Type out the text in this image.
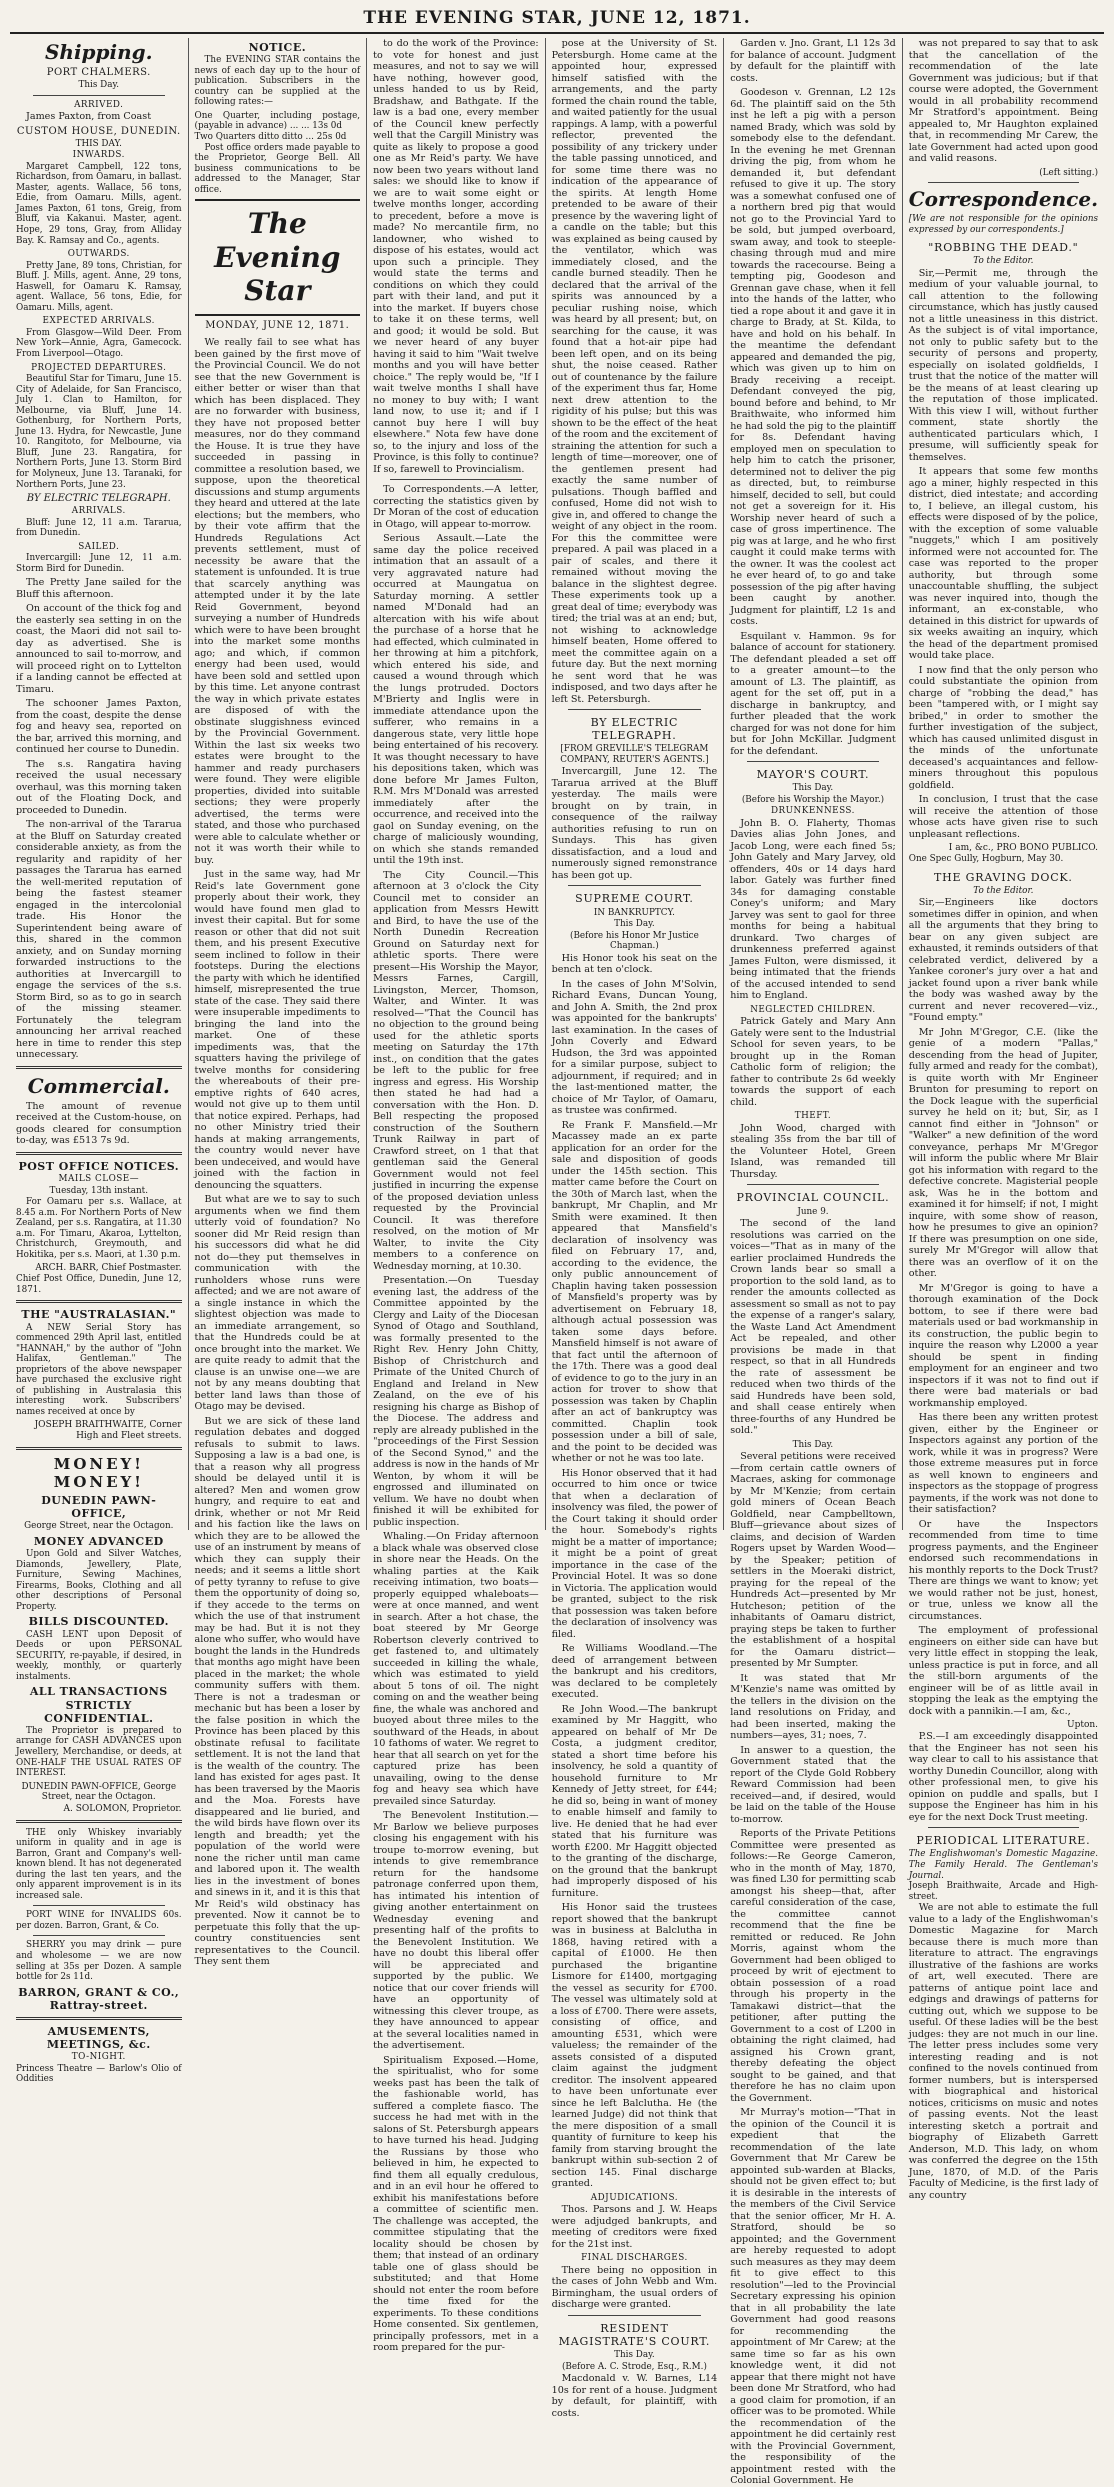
THE EVENING STAR, JUNE 12, 1871.
Shipping.
PORT CHALMERS.
This Day.
ARRIVED.

James Paxton, from Coast

CUSTOM HOUSE, DUNEDIN.
THIS DAY.
INWARDS.

Margaret Campbell, 122 tons, Richardson, from Oamaru, in ballast. Master, agents. Wallace, 56 tons, Edie, from Oamaru. Mills, agent. James Paxton, 61 tons, Greig, from Bluff, via Kakanui. Master, agent. Hope, 29 tons, Gray, from Alliday Bay. K. Ramsay and Co., agents.

OUTWARDS.

Pretty Jane, 89 tons, Christian, for Bluff. J. Mills, agent. Anne, 29 tons, Haswell, for Oamaru K. Ramsay, agent. Wallace, 56 tons, Edie, for Oamaru. Mills, agent.

EXPECTED ARRIVALS.

From Glasgow—Wild Deer. From New York—Annie, Agra, Gamecock. From Liverpool—Otago.

PROJECTED DEPARTURES.

Beautiful Star for Timaru, June 15. City of Adelaide, for San Francisco, July 1. Clan to Hamilton, for Melbourne, via Bluff, June 14. Gothenburg, for Northern Ports, June 13. Hydra, for Newcastle, June 10. Rangitoto, for Melbourne, via Bluff, June 23. Rangatira, for Northern Ports, June 13. Storm Bird for Molyneux, June 13. Taranaki, for Northern Ports, June 23.

BY ELECTRIC TELEGRAPH.
ARRIVALS.

Bluff: June 12, 11 a.m. Tararua, from Dunedin.

SAILED.

Invercargill: June 12, 11 a.m. Storm Bird for Dunedin.

The Pretty Jane sailed for the Bluff this afternoon.

On account of the thick fog and the easterly sea setting in on the coast, the Maori did not sail to-day as advertised. She is announced to sail to-morrow, and will proceed right on to Lyttelton if a landing cannot be effected at Timaru.

The schooner James Paxton, from the coast, despite the dense fog and heavy sea, reported on the bar, arrived this morning, and continued her course to Dunedin.

The s.s. Rangatira having received the usual necessary overhaul, was this morning taken out of the Floating Dock, and proceeded to Dunedin.

The non-arrival of the Tararua at the Bluff on Saturday created considerable anxiety, as from the regularity and rapidity of her passages the Tararua has earned the well-merited reputation of being the fastest steamer engaged in the intercolonial trade. His Honor the Superintendent being aware of this, shared in the common anxiety, and on Sunday morning forwarded instructions to the authorities at Invercargill to engage the services of the s.s. Storm Bird, so as to go in search of the missing steamer. Fortunately the telegram announcing her arrival reached here in time to render this step unnecessary.

Commercial.

The amount of revenue received at the Custom-house, on goods cleared for consumption to-day, was £513 7s 9d.

POST OFFICE NOTICES.
MAILS CLOSE—
Tuesday, 13th instant.

For Oamaru per s.s. Wallace, at 8.45 a.m. For Northern Ports of New Zealand, per s.s. Rangatira, at 11.30 a.m. For Timaru, Akaroa, Lyttelton, Christchurch, Greymouth, and Hokitika, per s.s. Maori, at 1.30 p.m.

ARCH. BARR, Chief Postmaster.
Chief Post Office, Dunedin, June 12, 1871.
THE "AUSTRALASIAN."

A NEW Serial Story has commenced 29th April last, entitled "HANNAH," by the author of "John Halifax, Gentleman." The proprietors of the above newspaper have purchased the exclusive right of publishing in Australasia this interesting work. Subscribers' names received at once by

JOSEPH BRAITHWAITE, Corner High and Fleet streets.
MONEY! MONEY!
DUNEDIN PAWN-OFFICE,
George Street, near the Octagon.
MONEY ADVANCED

Upon Gold and Silver Watches, Diamonds, Jewellery, Plate, Furniture, Sewing Machines, Firearms, Books, Clothing and all other descriptions of Personal Property.

BILLS DISCOUNTED.

CASH LENT upon Deposit of Deeds or upon PERSONAL SECURITY, re-payable, if desired, in weekly, monthly, or quarterly instalments.

ALL TRANSACTIONS STRICTLY CONFIDENTIAL.

The Proprietor is prepared to arrange for CASH ADVANCES upon Jewellery, Merchandise, or deeds, at ONE-HALF THE USUAL RATES OF INTEREST.

DUNEDIN PAWN-OFFICE, George Street, near the Octagon.
A. SOLOMON, Proprietor.

THE only Whiskey invariably uniform in quality and in age is Barron, Grant and Company's well-known blend. It has not degenerated during the last ten years, and the only apparent improvement is in its increased sale.

PORT WINE for INVALIDS 60s. per dozen. Barron, Grant, & Co.

SHERRY you may drink — pure and wholesome — we are now selling at 35s per Dozen. A sample bottle for 2s 11d.

BARRON, GRANT & CO., Rattray-street.
AMUSEMENTS, MEETINGS, &c.
TO-NIGHT.
Princess Theatre — Barlow's Olio of Oddities
NOTICE.

The EVENING STAR contains the news of each day up to the hour of publication. Subscribers in the country can be supplied at the following rates:—

One Quarter, including postage, (payable in advance) ... ... 13s 0d
Two Quarters ditto ditto ... 25s 0d

Post office orders made payable to the Proprietor, George Bell. All business communications to be addressed to the Manager, Star office.

The Evening Star
MONDAY, JUNE 12, 1871.

We really fail to see what has been gained by the first move of the Provincial Council. We do not see that the new Government is either better or wiser than that which has been displaced. They are no forwarder with business, they have not proposed better measures, nor do they command the House. It is true they have succeeded in passing in committee a resolution based, we suppose, upon the theoretical discussions and stump arguments they heard and uttered at the late elections; but the members, who by their vote affirm that the Hundreds Regulations Act prevents settlement, must of necessity be aware that the statement is unfounded. It is true that scarcely anything was attempted under it by the late Reid Government, beyond surveying a number of Hundreds which were to have been brought into the market some months ago; and which, if common energy had been used, would have been sold and settled upon by this time. Let anyone contrast the way in which private estates are disposed of with the obstinate sluggishness evinced by the Provincial Government. Within the last six weeks two estates were brought to the hammer and ready purchasers were found. They were eligible properties, divided into suitable sections; they were properly advertised, the terms were stated, and those who purchased were able to calculate whether or not it was worth their while to buy.

Just in the same way, had Mr Reid's late Government gone properly about their work, they would have found men glad to invest their capital. But for some reason or other that did not suit them, and his present Executive seem inclined to follow in their footsteps. During the elections the party with which he identified himself, misrepresented the true state of the case. They said there were insuperable impediments to bringing the land into the market. One of these impediments was, that the squatters having the privilege of twelve months for considering the whereabouts of their pre-emptive rights of 640 acres, would not give up to them until that notice expired. Perhaps, had no other Ministry tried their hands at making arrangements, the country would never have been undeceived, and would have joined with the faction in denouncing the squatters.

But what are we to say to such arguments when we find them utterly void of foundation? No sooner did Mr Reid resign than his successors did what he did not do—they put themselves in communication with the runholders whose runs were affected; and we are not aware of a single instance in which the slightest objection was made to an immediate arrangement, so that the Hundreds could be at once brought into the market. We are quite ready to admit that the clause is an unwise one—we are not by any means doubting that better land laws than those of Otago may be devised.

But we are sick of these land regulation debates and dogged refusals to submit to laws. Supposing a law is a bad one, is that a reason why all progress should be delayed until it is altered? Men and women grow hungry, and require to eat and drink, whether or not Mr Reid and his faction like the laws on which they are to be allowed the use of an instrument by means of which they can supply their needs; and it seems a little short of petty tyranny to refuse to give them the opportunity of doing so, if they accede to the terms on which the use of that instrument may be had. But it is not they alone who suffer, who would have bought the lands in the Hundreds that months ago might have been placed in the market; the whole community suffers with them. There is not a tradesman or mechanic but has been a loser by the false position in which the Province has been placed by this obstinate refusal to facilitate settlement. It is not the land that is the wealth of the country. The land has existed for ages past. It has been traversed by the Maoris and the Moa. Forests have disappeared and lie buried, and the wild birds have flown over its length and breadth; yet the population of the world were none the richer until man came and labored upon it. The wealth lies in the investment of bones and sinews in it, and it is this that Mr Reid's wild obstinacy has prevented. Now it cannot be to perpetuate this folly that the up-country constituencies sent representatives to the Council. They sent them

to do the work of the Province: to vote for honest and just measures, and not to say we will have nothing, however good, unless handed to us by Reid, Bradshaw, and Bathgate. If the law is a bad one, every member of the Council knew perfectly well that the Cargill Ministry was quite as likely to propose a good one as Mr Reid's party. We have now been two years without land sales: we should like to know if we are to wait some eight or twelve months longer, according to precedent, before a move is made? No mercantile firm, no landowner, who wished to dispose of his estates, would act upon such a principle. They would state the terms and conditions on which they could part with their land, and put it into the market. If buyers chose to take it on these terms, well and good; it would be sold. But we never heard of any buyer having it said to him "Wait twelve months and you will have better choice." The reply would be, "If I wait twelve months I shall have no money to buy with; I want land now, to use it; and if I cannot buy here I will buy elsewhere." Nota few have done so, to the injury and loss of the Province, is this folly to continue? If so, farewell to Provincialism.

To Correspondents.—A letter, correcting the statistics given by Dr Moran of the cost of education in Otago, will appear to-morrow.

Serious Assault.—Late the same day the police received intimation that an assault of a very aggravated nature had occurred at Maungatua on Saturday morning. A settler named M'Donald had an altercation with his wife about the purchase of a horse that he had effected, which culminated in her throwing at him a pitchfork, which entered his side, and caused a wound through which the lungs protruded. Doctors M'Brierty and Inglis were in immediate attendance upon the sufferer, who remains in a dangerous state, very little hope being entertained of his recovery. It was thought necessary to have his depositions taken, which was done before Mr James Fulton, R.M. Mrs M'Donald was arrested immediately after the occurrence, and received into the gaol on Sunday evening, on the charge of maliciously wounding, on which she stands remanded until the 19th inst.

The City Council.—This afternoon at 3 o'clock the City Council met to consider an application from Messrs Hewitt and Bird, to have the use of the North Dunedin Recreation Ground on Saturday next for athletic sports. There were present—His Worship the Mayor, Messrs Farnes, Cargill, Livingston, Mercer, Thomson, Walter, and Winter. It was resolved—"That the Council has no objection to the ground being used for the athletic sports meeting on Saturday the 17th inst., on condition that the gates be left to the public for free ingress and egress. His Worship then stated he had had a conversation with the Hon. D. Bell respecting the proposed construction of the Southern Trunk Railway in part of Crawford street, on 1 that that gentleman said the General Government would not feel justified in incurring the expense of the proposed deviation unless requested by the Provincial Council. It was therefore resolved, on the motion of Mr Walter, to invite the City members to a conference on Wednesday morning, at 10.30.

Presentation.—On Tuesday evening last, the address of the Committee appointed by the Clergy and Laity of the Diocesan Synod of Otago and Southland, was formally presented to the Right Rev. Henry John Chitty, Bishop of Christchurch and Primate of the United Church of England and Ireland in New Zealand, on the eve of his resigning his charge as Bishop of the Diocese. The address and reply are already published in the "proceedings of the First Session of the Second Synod," and the address is now in the hands of Mr Wenton, by whom it will be engrossed and illuminated on vellum. We have no doubt when finished it will be exhibited for public inspection.

Whaling.—On Friday afternoon a black whale was observed close in shore near the Heads. On the whaling parties at the Kaik receiving intimation, two boats—properly equipped whaleboats—were at once manned, and went in search. After a hot chase, the boat steered by Mr George Robertson cleverly contrived to get fastened to, and ultimately succeeded in killing the whale, which was estimated to yield about 5 tons of oil. The night coming on and the weather being fine, the whale was anchored and buoyed about three miles to the southward of the Heads, in about 10 fathoms of water. We regret to hear that all search on yet for the captured prize has been unavailing, owing to the dense fog and heavy sea which have prevailed since Saturday.

The Benevolent Institution.—Mr Barlow we believe purposes closing his engagement with his troupe to-morrow evening, but intends to give remembrance return for the handsome patronage conferred upon them, has intimated his intention of giving another entertainment on Wednesday evening and presenting half of the profits to the Benevolent Institution. We have no doubt this liberal offer will be appreciated and supported by the public. We notice that our cover friends will have an opportunity of witnessing this clever troupe, as they have announced to appear at the several localities named in the advertisement.

Spiritualism Exposed.—Home, the spiritualist, who for some weeks past has been the talk of the fashionable world, has suffered a complete fiasco. The success he had met with in the salons of St. Petersburgh appears to have turned his head. Judging the Russians by those who believed in him, he expected to find them all equally credulous, and in an evil hour he offered to exhibit his manifestations before a committee of scientific men. The challenge was accepted, the committee stipulating that the locality should be chosen by them; that instead of an ordinary table one of glass should be substituted; and that Home should not enter the room before the time fixed for the experiments. To these conditions Home consented. Six gentlemen, principally professors, met in a room prepared for the pur-

pose at the University of St. Petersburgh. Home came at the appointed hour, expressed himself satisfied with the arrangements, and the party formed the chain round the table, and waited patiently for the usual rappings. A lamp, with a powerful reflector, prevented the possibility of any trickery under the table passing unnoticed, and for some time there was no indication of the appearance of the spirits. At length Home pretended to be aware of their presence by the wavering light of a candle on the table; but this was explained as being caused by the ventilator, which was immediately closed, and the candle burned steadily. Then he declared that the arrival of the spirits was announced by a peculiar rushing noise, which was heard by all present; but, on searching for the cause, it was found that a hot-air pipe had been left open, and on its being shut, the noise ceased. Rather out of countenance by the failure of the experiment thus far, Home next drew attention to the rigidity of his pulse; but this was shown to be the effect of the heat of the room and the excitement of straining the attention for such a length of time—moreover, one of the gentlemen present had exactly the same number of pulsations. Though baffled and confused, Home did not wish to give in, and offered to change the weight of any object in the room. For this the committee were prepared. A pail was placed in a pair of scales, and there it remained without moving the balance in the slightest degree. These experiments took up a great deal of time; everybody was tired; the trial was at an end; but, not wishing to acknowledge himself beaten, Home offered to meet the committee again on a future day. But the next morning he sent word that he was indisposed, and two days after he left St. Petersburgh.

BY ELECTRIC TELEGRAPH.
[FROM GREVILLE'S TELEGRAM COMPANY, REUTER'S AGENTS.]

Invercargill, June 12. The Tararua arrived at the Bluff yesterday. The mails were brought on by train, in consequence of the railway authorities refusing to run on Sundays. This has given dissatisfaction, and a loud and numerously signed remonstrance has been got up.

SUPREME COURT.
IN BANKRUPTCY.
This Day.
(Before his Honor Mr Justice Chapman.)

His Honor took his seat on the bench at ten o'clock.

In the cases of John M'Solvin, Richard Evans, Duncan Young, and John A. Smith, the 2nd prox was appointed for the bankrupts' last examination. In the cases of John Coverly and Edward Hudson, the 3rd was appointed for a similar purpose, subject to adjournment, if required; and in the last-mentioned matter, the choice of Mr Taylor, of Oamaru, as trustee was confirmed.

Re Frank F. Mansfield.—Mr Macassey made an ex parte application for an order for the sale and disposition of goods under the 145th section. This matter came before the Court on the 30th of March last, when the bankrupt, Mr Chaplin, and Mr Smith were examined. It then appeared that Mansfield's declaration of insolvency was filed on February 17, and, according to the evidence, the only public announcement of Chaplin having taken possession of Mansfield's property was by advertisement on February 18, although actual possession was taken some days before. Mansfield himself is not aware of that fact until the afternoon of the 17th. There was a good deal of evidence to go to the jury in an action for trover to show that possession was taken by Chaplin after an act of bankruptcy was committed. Chaplin took possession under a bill of sale, and the point to be decided was whether or not he was too late.

His Honor observed that it had occurred to him once or twice that when a declaration of insolvency was filed, the power of the Court taking it should order the hour. Somebody's rights might be a matter of importance; it might be a point of great importance in the case of the Provincial Hotel. It was so done in Victoria. The application would be granted, subject to the risk that possession was taken before the declaration of insolvency was filed.

Re Williams Woodland.—The deed of arrangement between the bankrupt and his creditors, was declared to be completely executed.

Re John Wood.—The bankrupt examined by Mr Haggitt, who appeared on behalf of Mr De Costa, a judgment creditor, stated a short time before his insolvency, he sold a quantity of household furniture to Mr Kennedy of Jetty street, for £44; he did so, being in want of money to enable himself and family to live. He denied that he had ever stated that his furniture was worth £200. Mr Haggitt objected to the granting of the discharge, on the ground that the bankrupt had improperly disposed of his furniture.

His Honor said the trustees report showed that the bankrupt was in business at Balclutha in 1868, having retired with a capital of £1000. He then purchased the brigantine Lismore for £1400, mortgaging the vessel as security for £700. The vessel was ultimately sold at a loss of £700. There were assets, consisting of office, and amounting £531, which were valueless; the remainder of the assets consisted of a disputed claim against the judgment creditor. The insolvent appeared to have been unfortunate ever since he left Balclutha. He (the learned Judge) did not think that the mere disposition of a small quantity of furniture to keep his family from starving brought the bankrupt within sub-section 2 of section 145. Final discharge granted.

ADJUDICATIONS.

Thos. Parsons and J. W. Heaps were adjudged bankrupts, and meeting of creditors were fixed for the 21st inst.

FINAL DISCHARGES.

There being no opposition in the cases of John Webb and Wm. Birmingham, the usual orders of discharge were granted.

RESIDENT MAGISTRATE'S COURT.
This Day.
(Before A. C. Strode, Esq., R.M.)

Macdonald v. W. Barnes, L14 10s for rent of a house. Judgment by default, for plaintiff, with costs.

Garden v. Jno. Grant, L1 12s 3d for balance of account. Judgment by default for the plaintiff with costs.

Goodeson v. Grennan, L2 12s 6d. The plaintiff said on the 5th inst he left a pig with a person named Brady, which was sold by somebody else to the defendant. In the evening he met Grennan driving the pig, from whom he demanded it, but defendant refused to give it up. The story was a somewhat confused one of a northern bred pig that would not go to the Provincial Yard to be sold, but jumped overboard, swam away, and took to steeple-chasing through mud and mire towards the racecourse. Being a tempting pig, Goodeson and Grennan gave chase, when it fell into the hands of the latter, who tied a rope about it and gave it in charge to Brady, at St. Kilda, to have and hold on his behalf. In the meantime the defendant appeared and demanded the pig, which was given up to him on Brady receiving a receipt. Defendant conveyed the pig, bound before and behind, to Mr Braithwaite, who informed him he had sold the pig to the plaintiff for 8s. Defendant having employed men on speculation to help him to catch the prisoner, determined not to deliver the pig as directed, but, to reimburse himself, decided to sell, but could not get a sovereign for it. His Worship never heard of such a case of gross impertinence. The pig was at large, and he who first caught it could make terms with the owner. It was the coolest act he ever heard of, to go and take possession of the pig after having been caught by another. Judgment for plaintiff, L2 1s and costs.

Esquilant v. Hammon. 9s for balance of account for stationery. The defendant pleaded a set off to a greater amount—to the amount of L3. The plaintiff, as agent for the set off, put in a discharge in bankruptcy, and further pleaded that the work charged for was not done for him but for John McKillar. Judgment for the defendant.

MAYOR'S COURT.
This Day.
(Before his Worship the Mayor.)
DRUNKENNESS.

John B. O. Flaherty, Thomas Davies alias John Jones, and Jacob Long, were each fined 5s; John Gately and Mary Jarvey, old offenders, 40s or 14 days hard labor. Gately was further fined 34s for damaging constable Coney's uniform; and Mary Jarvey was sent to gaol for three months for being a habitual drunkard. Two charges of drunkenness preferred against James Fulton, were dismissed, it being intimated that the friends of the accused intended to send him to England.

NEGLECTED CHILDREN.

Patrick Gately and Mary Ann Gately were sent to the Industrial School for seven years, to be brought up in the Roman Catholic form of religion; the father to contribute 2s 6d weekly towards the support of each child.

THEFT.

John Wood, charged with stealing 35s from the bar till of the Volunteer Hotel, Green Island, was remanded till Thursday.

PROVINCIAL COUNCIL.
June 9.

The second of the land resolutions was carried on the voices—"That as in many of the earlier proclaimed Hundreds the Crown lands bear so small a proportion to the sold land, as to render the amounts collected as assessment so small as not to pay the expense of a ranger's salary, the Waste Land Act Amendment Act be repealed, and other provisions be made in that respect, so that in all Hundreds the rate of assessment be reduced when two thirds of the said Hundreds have been sold, and shall cease entirely when three-fourths of any Hundred be sold."

This Day.

Several petitions were received—from certain cattle owners of Macraes, asking for commonage by Mr M'Kenzie; from certain gold miners of Ocean Beach Goldfield, near Campbelltown, Bluff—grievance about sizes of claims, and decision of Warden Rogers upset by Warden Wood—by the Speaker; petition of settlers in the Moeraki district, praying for the repeal of the Hundreds Act—presented by Mr Hutcheson; petition of the inhabitants of Oamaru district, praying steps be taken to further the establishment of a hospital for the Oamaru district—presented by Mr Sumpter.

It was stated that Mr M'Kenzie's name was omitted by the tellers in the division on the land resolutions on Friday, and had been inserted, making the numbers—ayes, 31; noes, 7.

In answer to a question, the Government stated that the report of the Clyde Gold Robbery Reward Commission had been received—and, if desired, would be laid on the table of the House to-morrow.

Reports of the Private Petitions Committee were presented as follows:—Re George Cameron, who in the month of May, 1870, was fined L30 for permitting scab amongst his sheep—that, after careful consideration of the case, the committee cannot recommend that the fine be remitted or reduced. Re John Morris, against whom the Government had been obliged to proceed by writ of ejectment to obtain possession of a road through his property in the Tamakawi district—that the petitioner, after putting the Government to a cost of L200 in obtaining the right claimed, had assigned his Crown grant, thereby defeating the object sought to be gained, and that therefore he has no claim upon the Government.

Mr Murray's motion—"That in the opinion of the Council it is expedient that the recommendation of the late Government that Mr Carew be appointed sub-warden at Blacks, should not be given effect to; but it is desirable in the interests of the members of the Civil Service that the senior officer, Mr H. A. Stratford, should be so appointed; and the Government are hereby requested to adopt such measures as they may deem fit to give effect to this resolution"—led to the Provincial Secretary expressing his opinion that in all probability the late Government had good reasons for recommending the appointment of Mr Carew; at the same time so far as his own knowledge went, it did not appear that there might not have been done Mr Stratford, who had a good claim for promotion, if an officer was to be promoted. While the recommendation of the appointment he did certainly rest with the Provincial Government, the responsibility of the appointment rested with the Colonial Government. He

was not prepared to say that to ask that the cancellation of the recommendation of the late Government was judicious; but if that course were adopted, the Government would in all probability recommend Mr Stratford's appointment. Being appealed to, Mr Haughton explained that, in recommending Mr Carew, the late Government had acted upon good and valid reasons.

(Left sitting.)
Correspondence.
[We are not responsible for the opinions expressed by our correspondents.]
"ROBBING THE DEAD."
To the Editor.

Sir,—Permit me, through the medium of your valuable journal, to call attention to the following circumstance, which has justly caused not a little uneasiness in this district. As the subject is of vital importance, not only to public safety but to the security of persons and property, especially on isolated goldfields, I trust that the notice of the matter will be the means of at least clearing up the reputation of those implicated. With this view I will, without further comment, state shortly the authenticated particulars which, I presume, will sufficiently speak for themselves.

It appears that some few months ago a miner, highly respected in this district, died intestate; and according to, I believe, an illegal custom, his effects were disposed of by the police, with the exception of some valuable "nuggets," which I am positively informed were not accounted for. The case was reported to the proper authority, but through some unaccountable shuffling, the subject was never inquired into, though the informant, an ex-constable, who detained in this district for upwards of six weeks awaiting an inquiry, which the head of the department promised would take place.

I now find that the only person who could substantiate the opinion from charge of "robbing the dead," has been "tampered with, or I might say bribed," in order to smother the further investigation of the subject, which has caused unlimited disgust in the minds of the unfortunate deceased's acquaintances and fellow-miners throughout this populous goldfield.

In conclusion, I trust that the case will receive the attention of those whose acts have given rise to such unpleasant reflections.

I am, &c., PRO BONO PUBLICO.
One Spec Gully, Hogburn, May 30.
THE GRAVING DOCK.
To the Editor.

Sir,—Engineers like doctors sometimes differ in opinion, and when all the arguments that they bring to bear on any given subject are exhausted, it reminds outsiders of that celebrated verdict, delivered by a Yankee coroner's jury over a hat and jacket found upon a river bank while the body was washed away by the current and never recovered—viz., "Found empty."

Mr John M'Gregor, C.E. (like the genie of a modern "Pallas," descending from the head of Jupiter, fully armed and ready for the combat), is quite worth with Mr Engineer Brunton for presuming to report on the Dock league with the superficial survey he held on it; but, Sir, as I cannot find either in "Johnson" or "Walker" a new definition of the word conveyance, perhaps Mr M'Gregor will inform the public where Mr Blair got his information with regard to the defective concrete. Magisterial people ask, Was he in the bottom and examined it for himself; if not, I might inquire, with some show of reason, how he presumes to give an opinion? If there was presumption on one side, surely Mr M'Gregor will allow that there was an overflow of it on the other.

Mr M'Gregor is going to have a thorough examination of the Dock bottom, to see if there were bad materials used or bad workmanship in its construction, the public begin to inquire the reason why L2000 a year should be spent in finding employment for an engineer and two inspectors if it was not to find out if there were bad materials or bad workmanship employed.

Has there been any written protest given, either by the Engineer or Inspectors against any portion of the work, while it was in progress? Were those extreme measures put in force as well known to engineers and inspectors as the stoppage of progress payments, if the work was not done to their satisfaction?

Or have the Inspectors recommended from time to time progress payments, and the Engineer endorsed such recommendations in his monthly reports to the Dock Trust? There are things we want to know; yet we would rather not be just, honest, or true, unless we know all the circumstances.

The employment of professional engineers on either side can have but very little effect in stopping the leak, unless practice is put in force, and all the still-born arguments of the engineer will be of as little avail in stopping the leak as the emptying the dock with a pannikin.—I am, &c.,

Upton.

P.S.—I am exceedingly disappointed that the Engineer has not seen his way clear to call to his assistance that worthy Dunedin Councillor, along with other professional men, to give his opinion on puddle and spalls, but I suppose the Engineer has him in his eye for the next Dock Trust meeting.

PERIODICAL LITERATURE.
The Englishwoman's Domestic Magazine. The Family Herald. The Gentleman's Journal.
Joseph Braithwaite, Arcade and High-street.

We are not able to estimate the full value to a lady of the Englishwoman's Domestic Magazine for March because there is much more than literature to attract. The engravings illustrative of the fashions are works of art, well executed. There are patterns of antique point lace and edgings and drawings of patterns for cutting out, which we suppose to be useful. Of these ladies will be the best judges: they are not much in our line. The letter press includes some very interesting reading and is not confined to the novels continued from former numbers, but is interspersed with biographical and historical notices, criticisms on music and notes of passing events. Not the least interesting sketch a portrait and biography of Elizabeth Garrett Anderson, M.D. This lady, on whom was conferred the degree on the 15th June, 1870, of M.D. of the Paris Faculty of Medicine, is the first lady of any country
